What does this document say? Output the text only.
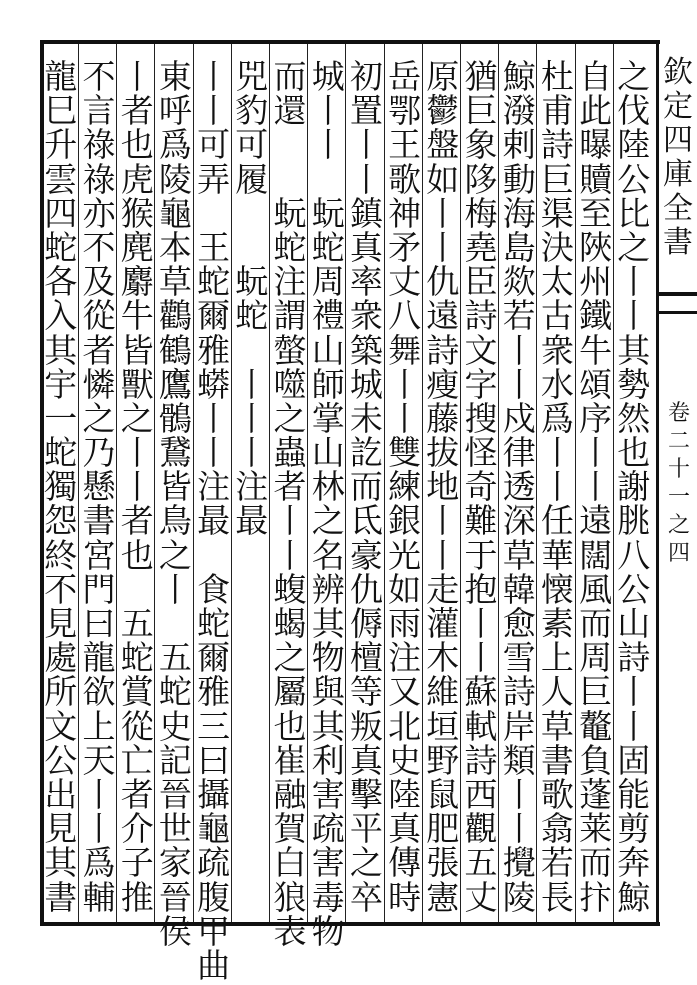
欽
定
四
庫
全
書
卷
二
十
一
之
四
之
伐
陸
公
比
之
丨
丨
其
勢
然
也
謝
朓
八
公
山
詩
丨
丨
固
能
剪
奔
鯨
自
此
曝
贖
至
陜
州
鐵
牛
頌
序
丨
丨
遠
闊
風
而
周
巨
鼇
負
蓬
莱
而
抃
杜
甫
詩
巨
渠
決
太
古
衆
水
爲
丨
丨
任
華
懐
素
上
人
草
書
歌
翕
若
長
鯨
潑
剌
動
海
島
欻
若
丨
丨
戍
律
透
深
草
韓
愈
雪
詩
岸
類
丨
丨
攪
陵
猶
巨
象
陊
梅
堯
臣
詩
文
字
搜
怪
奇
難
于
抱
丨
丨
蘇
軾
詩
西
觀
五
丈
原
鬱
盤
如
丨
丨
仇
遠
詩
瘦
藤
拔
地
丨
丨
走
灌
木
維
垣
野
鼠
肥
張
憲
岳
鄂
王
歌
神
矛
丈
八
舞
丨
丨
雙
練
銀
光
如
雨
注
又
北
史
陸
真
傳
時
初
置
丨
丨
鎮
真
率
衆
築
城
未
訖
而
氐
豪
仇
傉
檀
等
叛
真
擊
平
之
卒
城
丨
丨

蚖
蛇
周
禮
山
師
掌
山
林
之
名
辨
其
物
與
其
利
害
疏
害
毒
物
而
還

蚖
蛇
注
謂
螫
噬
之
蟲
者
丨
丨
蝮
蝎
之
屬
也
崔
融
賀
白
狼
表
兕
豹
可
履

蚖
蛇

丨
丨
丨
注
最
丨
丨
可
弄

王
蛇
爾
雅
蟒
丨
丨
注
最

食
蛇
爾
雅
三
曰
攝
龜
疏
腹
甲
曲
東
呼
爲
陵
龜
本
草
鸛
鶴
鷹
鶻
鵞
皆
鳥
之
丨

五
蛇
史
記
晉
世
家
晉
侯
丨
者
也
虎
猴
麂
麝
牛
皆
獸
之
丨
丨
者
也

五
蛇
賞
從
亡
者
介
子
推
不
言
祿
祿
亦
不
及
從
者
憐
之
乃
懸
書
宮
門
曰
龍
欲
上
天
丨
丨
爲
輔
龍
巳
升
雲
四
蛇
各
入
其
宇
一
蛇
獨
怨
終
不
見
處
所
文
公
出
見
其
書
